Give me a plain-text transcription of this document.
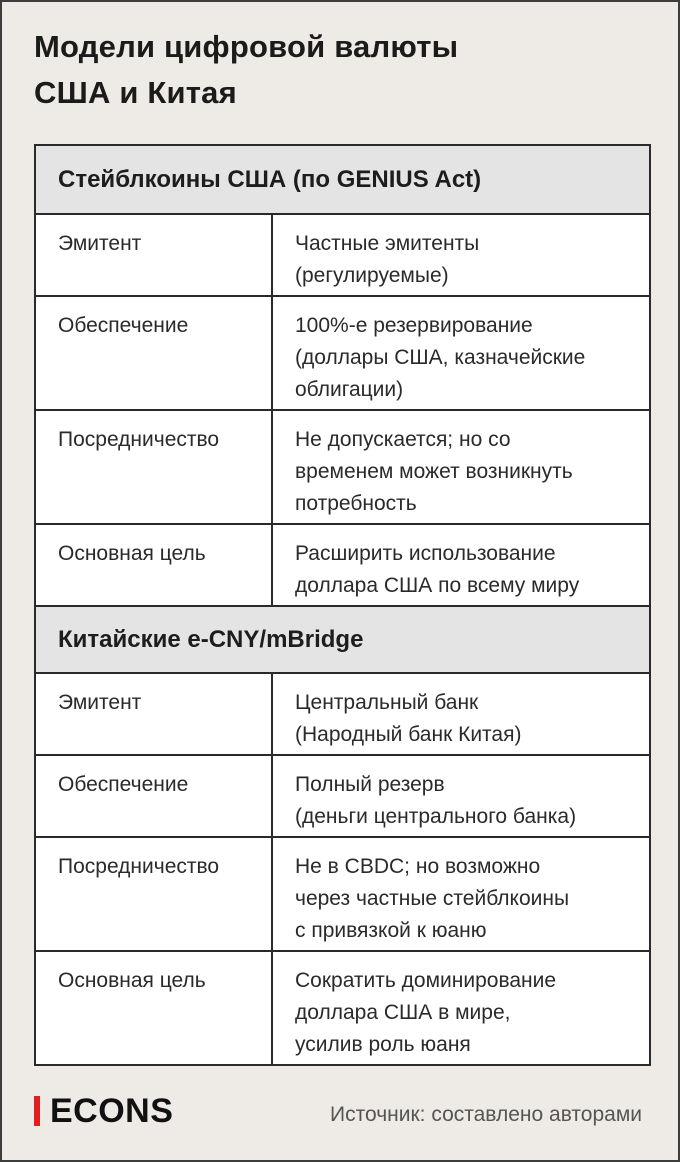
Модели цифровой валюты
США и Китая
Стейблкоины США (по GENIUS Act)
Эмитент	Частные эмитенты
(регулируемые)
Обеспечение	100%-е резервирование
(доллары США, казначейские
облигации)
Посредничество	Не допускается; но со
временем может возникнуть
потребность
Основная цель	Расширить использование
доллара США по всему миру
Китайские e-CNY/mBridge
Эмитент	Центральный банк
(Народный банк Китая)
Обеспечение	Полный резерв
(деньги центрального банка)
Посредничество	Не в CBDC; но возможно
через частные стейблкоины
с привязкой к юаню
Основная цель	Сократить доминирование
доллара США в мире,
усилив роль юаня
ECONS	Источник: составлено авторами
